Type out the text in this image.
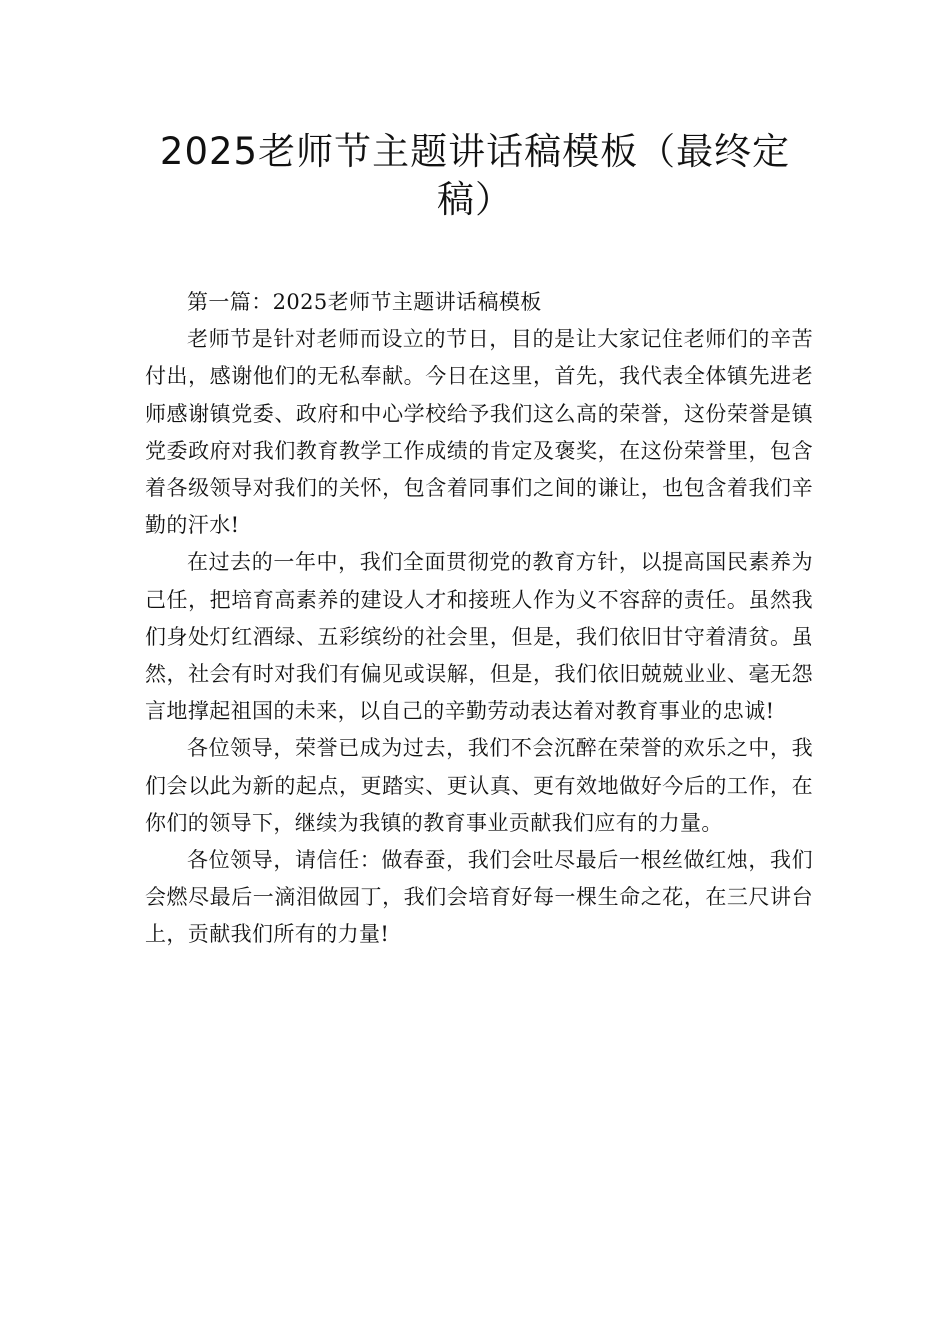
2025老师节主题讲话稿模板（最终定稿）

第一篇：2025老师节主题讲话稿模板

老师节是针对老师而设立的节日，目的是让大家记住老师们的辛苦付出，感谢他们的无私奉献。今日在这里，首先，我代表全体镇先进老师感谢镇党委、政府和中心学校给予我们这么高的荣誉，这份荣誉是镇党委政府对我们教育教学工作成绩的肯定及褒奖，在这份荣誉里，包含着各级领导对我们的关怀，包含着同事们之间的谦让，也包含着我们辛勤的汗水!

在过去的一年中，我们全面贯彻党的教育方针，以提高国民素养为己任，把培育高素养的建设人才和接班人作为义不容辞的责任。虽然我们身处灯红酒绿、五彩缤纷的社会里，但是，我们依旧甘守着清贫。虽然，社会有时对我们有偏见或误解，但是，我们依旧兢兢业业、毫无怨言地撑起祖国的未来，以自己的辛勤劳动表达着对教育事业的忠诚!

各位领导，荣誉已成为过去，我们不会沉醉在荣誉的欢乐之中，我们会以此为新的起点，更踏实、更认真、更有效地做好今后的工作，在你们的领导下，继续为我镇的教育事业贡献我们应有的力量。

各位领导，请信任：做春蚕，我们会吐尽最后一根丝做红烛，我们会燃尽最后一滴泪做园丁，我们会培育好每一棵生命之花，在三尺讲台上，贡献我们所有的力量!
